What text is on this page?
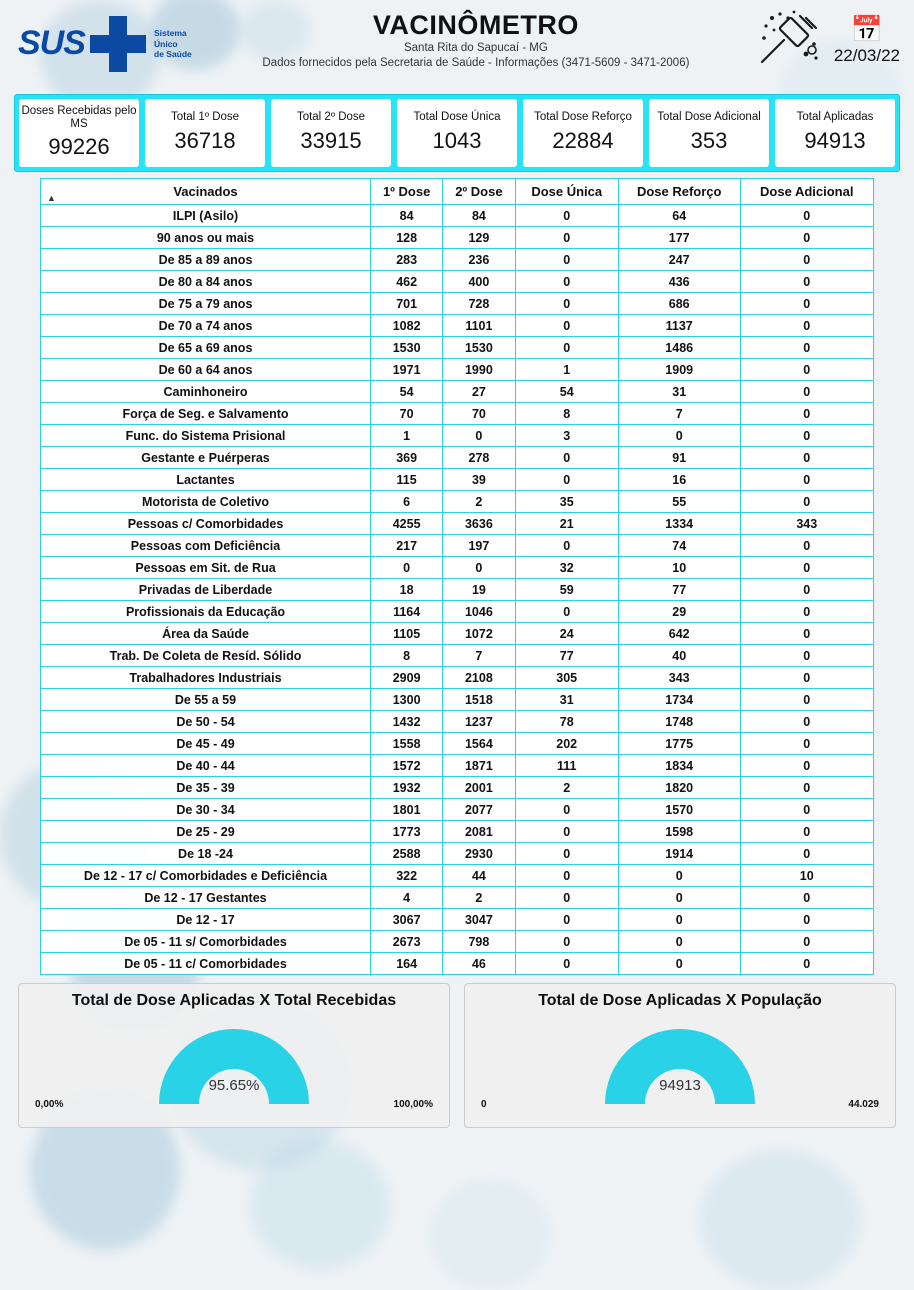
SUS	Sistema
Único
de Saúde
VACINÔMETRO
Santa Rita do Sapucaí - MG
Dados fornecidos pela Secretaria de Saúde - Informações (3471-5609 - 3471-2006)
📅
22/03/22
Doses Recebidas pelo MS
99226
Total 1º Dose
36718
Total 2º Dose
33915
Total Dose Única
1043
Total Dose Reforço
22884
Total Dose Adicional
353
Total Aplicadas
94913
▲ Vacinados	1º Dose	2º Dose	Dose Única	Dose Reforço	Dose Adicional
ILPI (Asilo)	84	84	0	64	0
90 anos ou mais	128	129	0	177	0
De 85 a 89 anos	283	236	0	247	0
De 80 a 84 anos	462	400	0	436	0
De 75 a 79 anos	701	728	0	686	0
De 70 a 74 anos	1082	1101	0	1137	0
De 65 a 69 anos	1530	1530	0	1486	0
De 60 a 64 anos	1971	1990	1	1909	0
Caminhoneiro	54	27	54	31	0
Força de Seg. e Salvamento	70	70	8	7	0
Func. do Sistema Prisional	1	0	3	0	0
Gestante e Puérperas	369	278	0	91	0
Lactantes	115	39	0	16	0
Motorista de Coletivo	6	2	35	55	0
Pessoas c/ Comorbidades	4255	3636	21	1334	343
Pessoas com Deficiência	217	197	0	74	0
Pessoas em Sit. de Rua	0	0	32	10	0
Privadas de Liberdade	18	19	59	77	0
Profissionais da Educação	1164	1046	0	29	0
Área da Saúde	1105	1072	24	642	0
Trab. De Coleta de Resíd. Sólido	8	7	77	40	0
Trabalhadores Industriais	2909	2108	305	343	0
De 55 a 59	1300	1518	31	1734	0
De 50 - 54	1432	1237	78	1748	0
De 45 - 49	1558	1564	202	1775	0
De 40 - 44	1572	1871	111	1834	0
De 35 - 39	1932	2001	2	1820	0
De 30 - 34	1801	2077	0	1570	0
De 25 - 29	1773	2081	0	1598	0
De 18 -24	2588	2930	0	1914	0
De 12 - 17 c/ Comorbidades e Deficiência	322	44	0	0	10
De 12 - 17 Gestantes	4	2	0	0	0
De 12 - 17	3067	3047	0	0	0
De 05 - 11 s/ Comorbidades	2673	798	0	0	0
De 05 - 11 c/ Comorbidades	164	46	0	0	0
Total de Dose Aplicadas X Total Recebidas
95.65%
0,00%	100,00%
Total de Dose Aplicadas X População
94913
0	44.029
